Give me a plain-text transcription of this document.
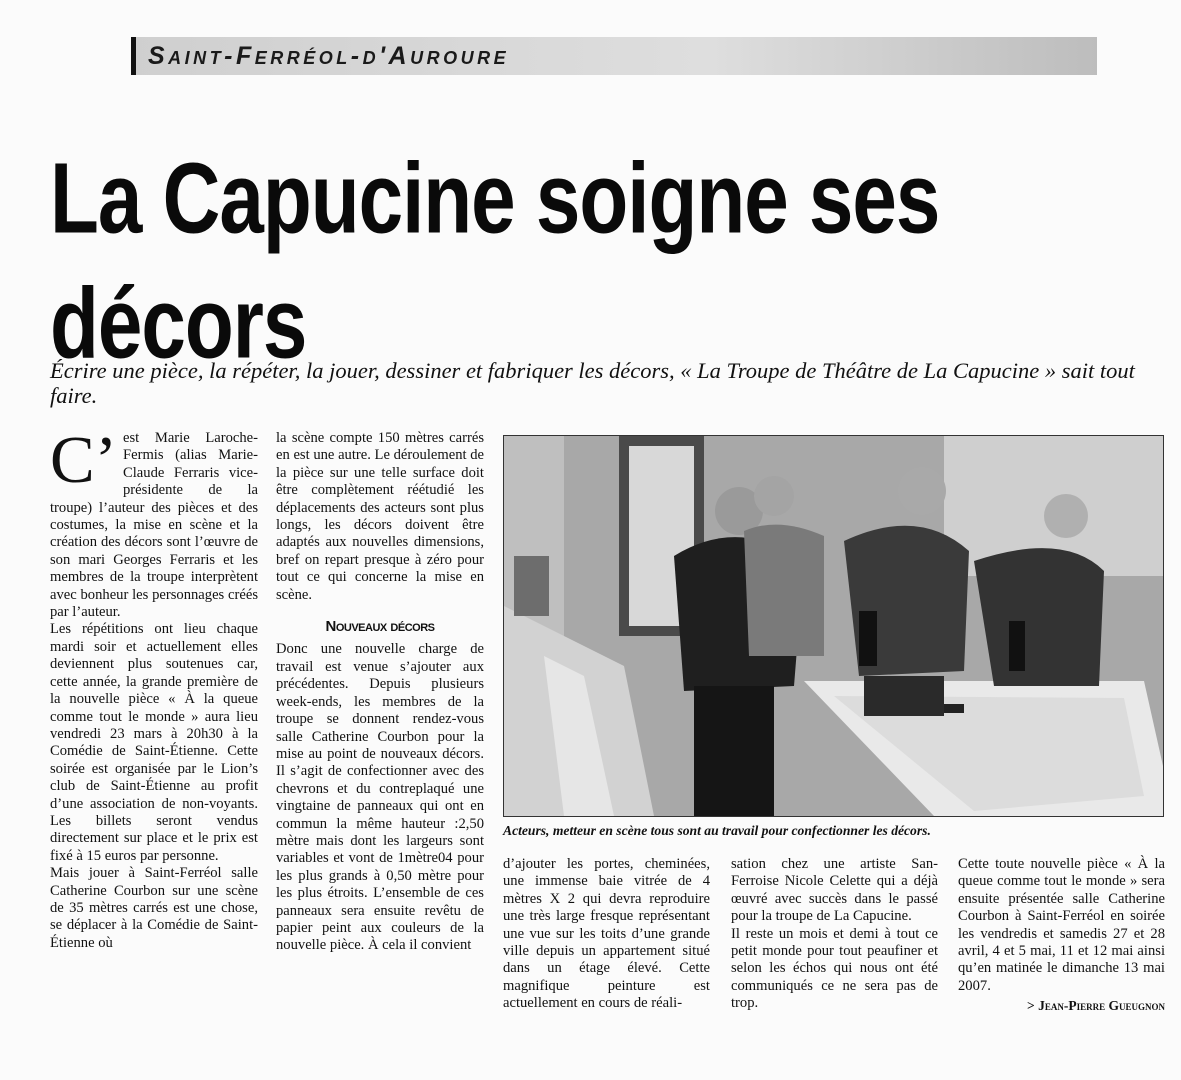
Saint-Ferréol-d'Auroure
La Capucine soigne ses décors

Écrire une pièce, la répéter, la jouer, dessiner et fabriquer les décors, « La Troupe de Théâtre de La Capucine » sait tout faire.

C’ est Marie Laroche-Fermis (alias Marie-Claude Ferraris vice-présidente de la troupe) l’auteur des pièces et des costumes, la mise en scène et la création des décors sont l’œuvre de son mari Georges Ferraris et les membres de la troupe interprètent avec bonheur les personnages créés par l’auteur.

Les répétitions ont lieu chaque mardi soir et actuellement elles deviennent plus soutenues car, cette année, la grande première de la nouvelle pièce « À la queue comme tout le monde » aura lieu vendredi 23 mars à 20h30 à la Comédie de Saint-Étienne. Cette soirée est organisée par le Lion’s club de Saint-Étienne au profit d’une association de non-voyants. Les billets seront vendus directement sur place et le prix est fixé à 15 euros par personne.

Mais jouer à Saint-Ferréol salle Catherine Courbon sur une scène de 35 mètres carrés est une chose, se déplacer à la Comédie de Saint-Étienne où

la scène compte 150 mètres carrés en est une autre. Le déroulement de la pièce sur une telle surface doit être complètement réétudié les déplacements des acteurs sont plus longs, les décors doivent être adaptés aux nouvelles dimensions, bref on repart presque à zéro pour tout ce qui concerne la mise en scène.

Nouveaux décors

Donc une nouvelle charge de travail est venue s’ajouter aux précédentes. Depuis plusieurs week-ends, les membres de la troupe se donnent rendez-vous salle Catherine Courbon pour la mise au point de nouveaux décors. Il s’agit de confectionner avec des chevrons et du contreplaqué une vingtaine de panneaux qui ont en commun la même hauteur :2,50 mètre mais dont les largeurs sont variables et vont de 1mètre04 pour les plus grands à 0,50 mètre pour les plus étroits. L’ensemble de ces panneaux sera ensuite revêtu de papier peint aux couleurs de la nouvelle pièce. À cela il convient

Acteurs, metteur en scène tous sont au travail pour confectionner les décors.

d’ajouter les portes, cheminées, une immense baie vitrée de 4 mètres X 2 qui devra reproduire une très large fresque représentant une vue sur les toits d’une grande ville depuis un appartement situé dans un étage élevé. Cette magnifique peinture est actuellement en cours de réali-

sation chez une artiste San-Ferroise Nicole Celette qui a déjà œuvré avec succès dans le passé pour la troupe de La Capucine.

Il reste un mois et demi à tout ce petit monde pour tout peaufiner et selon les échos qui nous ont été communiqués ce ne sera pas de trop.

Cette toute nouvelle pièce « À la queue comme tout le monde » sera ensuite présentée salle Catherine Courbon à Saint-Ferréol en soirée les vendredis et samedis 27 et 28 avril, 4 et 5 mai, 11 et 12 mai ainsi qu’en matinée le dimanche 13 mai 2007.

> Jean-Pierre Gueugnon
